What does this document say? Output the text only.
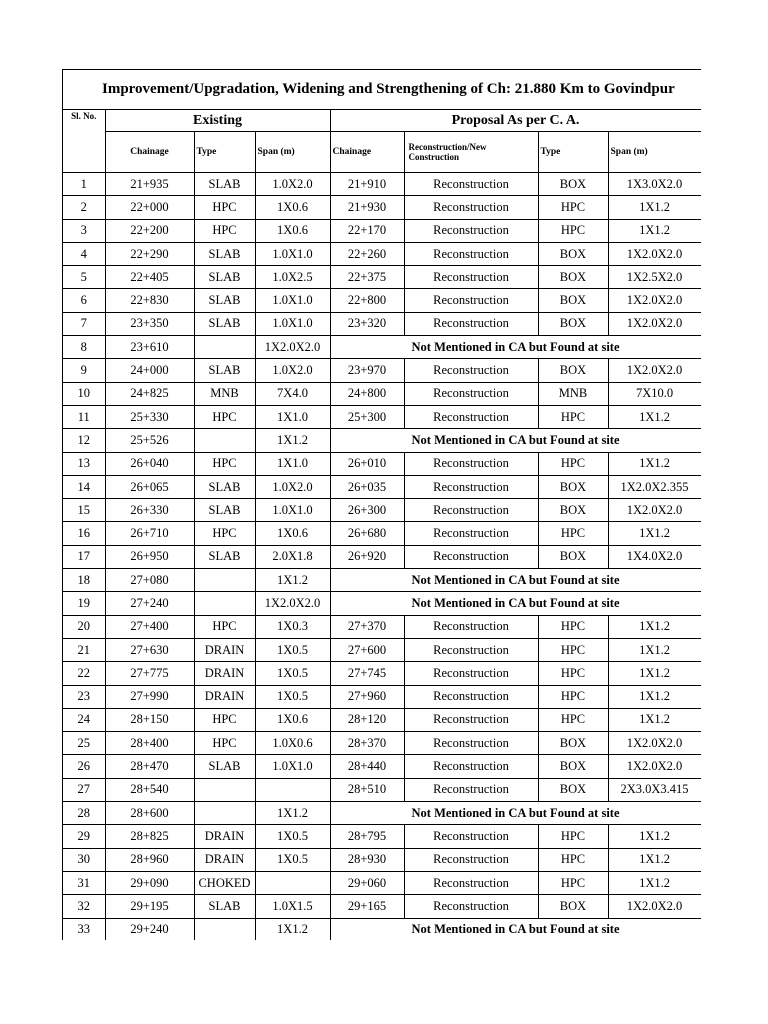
Improvement/Upgradation, Widening and Strengthening of Ch: 21.880 Km to Govindpur
Sl. No.	Existing			Proposal As per C. A.			
	Chainage	Type	Span (m)	Chainage	Reconstruction/New Construction	Type	Span (m)
1	21+935	SLAB	1.0X2.0	21+910	Reconstruction	BOX	1X3.0X2.0
2	22+000	HPC	1X0.6	21+930	Reconstruction	HPC	1X1.2
3	22+200	HPC	1X0.6	22+170	Reconstruction	HPC	1X1.2
4	22+290	SLAB	1.0X1.0	22+260	Reconstruction	BOX	1X2.0X2.0
5	22+405	SLAB	1.0X2.5	22+375	Reconstruction	BOX	1X2.5X2.0
6	22+830	SLAB	1.0X1.0	22+800	Reconstruction	BOX	1X2.0X2.0
7	23+350	SLAB	1.0X1.0	23+320	Reconstruction	BOX	1X2.0X2.0
8	23+610		1X2.0X2.0	Not Mentioned in CA but Found at site			
9	24+000	SLAB	1.0X2.0	23+970	Reconstruction	BOX	1X2.0X2.0
10	24+825	MNB	7X4.0	24+800	Reconstruction	MNB	7X10.0
11	25+330	HPC	1X1.0	25+300	Reconstruction	HPC	1X1.2
12	25+526		1X1.2	Not Mentioned in CA but Found at site			
13	26+040	HPC	1X1.0	26+010	Reconstruction	HPC	1X1.2
14	26+065	SLAB	1.0X2.0	26+035	Reconstruction	BOX	1X2.0X2.355
15	26+330	SLAB	1.0X1.0	26+300	Reconstruction	BOX	1X2.0X2.0
16	26+710	HPC	1X0.6	26+680	Reconstruction	HPC	1X1.2
17	26+950	SLAB	2.0X1.8	26+920	Reconstruction	BOX	1X4.0X2.0
18	27+080		1X1.2	Not Mentioned in CA but Found at site			
19	27+240		1X2.0X2.0	Not Mentioned in CA but Found at site			
20	27+400	HPC	1X0.3	27+370	Reconstruction	HPC	1X1.2
21	27+630	DRAIN	1X0.5	27+600	Reconstruction	HPC	1X1.2
22	27+775	DRAIN	1X0.5	27+745	Reconstruction	HPC	1X1.2
23	27+990	DRAIN	1X0.5	27+960	Reconstruction	HPC	1X1.2
24	28+150	HPC	1X0.6	28+120	Reconstruction	HPC	1X1.2
25	28+400	HPC	1.0X0.6	28+370	Reconstruction	BOX	1X2.0X2.0
26	28+470	SLAB	1.0X1.0	28+440	Reconstruction	BOX	1X2.0X2.0
27	28+540			28+510	Reconstruction	BOX	2X3.0X3.415
28	28+600		1X1.2	Not Mentioned in CA but Found at site			
29	28+825	DRAIN	1X0.5	28+795	Reconstruction	HPC	1X1.2
30	28+960	DRAIN	1X0.5	28+930	Reconstruction	HPC	1X1.2
31	29+090	CHOKED		29+060	Reconstruction	HPC	1X1.2
32	29+195	SLAB	1.0X1.5	29+165	Reconstruction	BOX	1X2.0X2.0
33	29+240		1X1.2	Not Mentioned in CA but Found at site			
